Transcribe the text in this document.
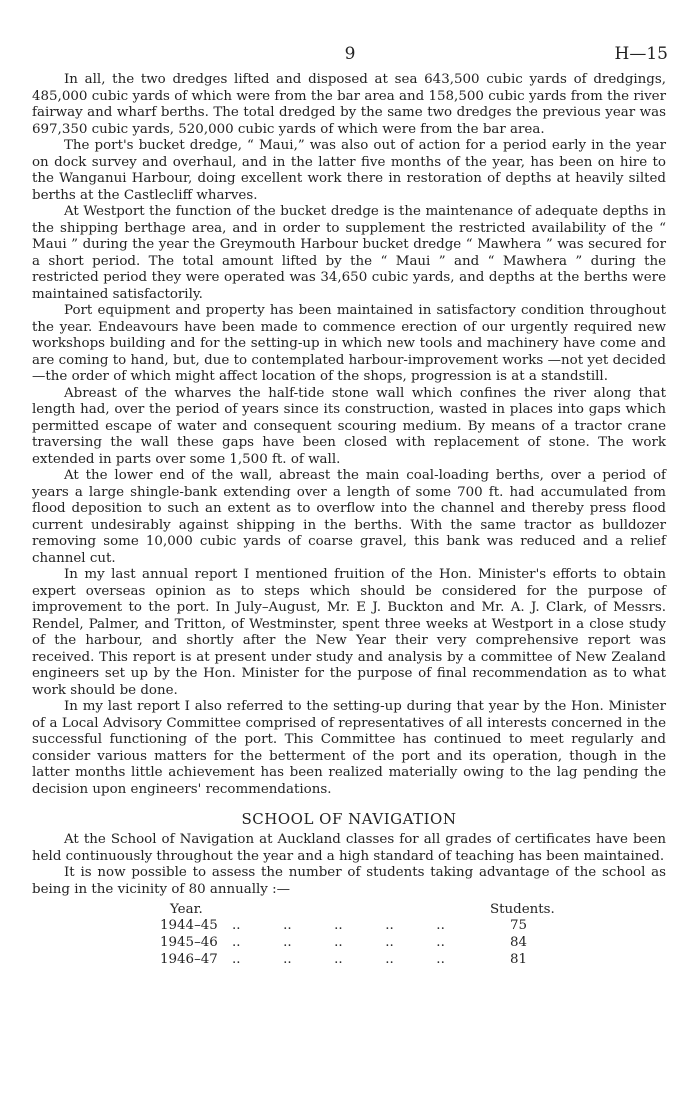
9	H—15

In all, the two dredges lifted and disposed at sea 643,500 cubic yards of dredgings, 485,000 cubic yards of which were from the bar area and 158,500 cubic yards from the river fairway and wharf berths. The total dredged by the same two dredges the previous year was 697,350 cubic yards, 520,000 cubic yards of which were from the bar area.

The port's bucket dredge, “ Maui,” was also out of action for a period early in the year on dock survey and overhaul, and in the latter five months of the year, has been on hire to the Wanganui Harbour, doing excellent work there in restoration of depths at heavily silted berths at the Castlecliff wharves.

At Westport the function of the bucket dredge is the maintenance of adequate depths in the shipping berthage area, and in order to supplement the restricted availability of the “ Maui ” during the year the Greymouth Harbour bucket dredge “ Mawhera ” was secured for a short period. The total amount lifted by the “ Maui ” and “ Mawhera ” during the restricted period they were operated was 34,650 cubic yards, and depths at the berths were maintained satisfactorily.

Port equipment and property has been maintained in satisfactory condition throughout the year. Endeavours have been made to commence erection of our urgently required new workshops building and for the setting-up in which new tools and machinery have come and are coming to hand, but, due to contemplated harbour-improvement works —not yet decided—the order of which might affect location of the shops, progression is at a standstill.

Abreast of the wharves the half-tide stone wall which confines the river along that length had, over the period of years since its construction, wasted in places into gaps which permitted escape of water and consequent scouring medium. By means of a tractor crane traversing the wall these gaps have been closed with replacement of stone. The work extended in parts over some 1,500 ft. of wall.

At the lower end of the wall, abreast the main coal-loading berths, over a period of years a large shingle-bank extending over a length of some 700 ft. had accumulated from flood deposition to such an extent as to overflow into the channel and thereby press flood current undesirably against shipping in the berths. With the same tractor as bulldozer removing some 10,000 cubic yards of coarse gravel, this bank was reduced and a relief channel cut.

In my last annual report I mentioned fruition of the Hon. Minister's efforts to obtain expert overseas opinion as to steps which should be considered for the purpose of improvement to the port. In July–August, Mr. E J. Buckton and Mr. A. J. Clark, of Messrs. Rendel, Palmer, and Tritton, of Westminster, spent three weeks at Westport in a close study of the harbour, and shortly after the New Year their very comprehensive report was received. This report is at present under study and analysis by a committee of New Zealand engineers set up by the Hon. Minister for the purpose of final recommendation as to what work should be done.

In my last report I also referred to the setting-up during that year by the Hon. Minister of a Local Advisory Committee comprised of representatives of all interests concerned in the successful functioning of the port. This Committee has continued to meet regularly and consider various matters for the betterment of the port and its operation, though in the latter months little achievement has been realized materially owing to the lag pending the decision upon engineers' recommendations.

SCHOOL OF NAVIGATION

At the School of Navigation at Auckland classes for all grades of certificates have been held continuously throughout the year and a high standard of teaching has been maintained.

It is now possible to assess the number of students taking advantage of the school as being in the vicinity of 80 annually :—

Year.	Students.
1944–45 ..          ..          ..          ..          ..	75
1945–46 ..          ..          ..          ..          ..	84
1946–47 ..          ..          ..          ..          ..	81
